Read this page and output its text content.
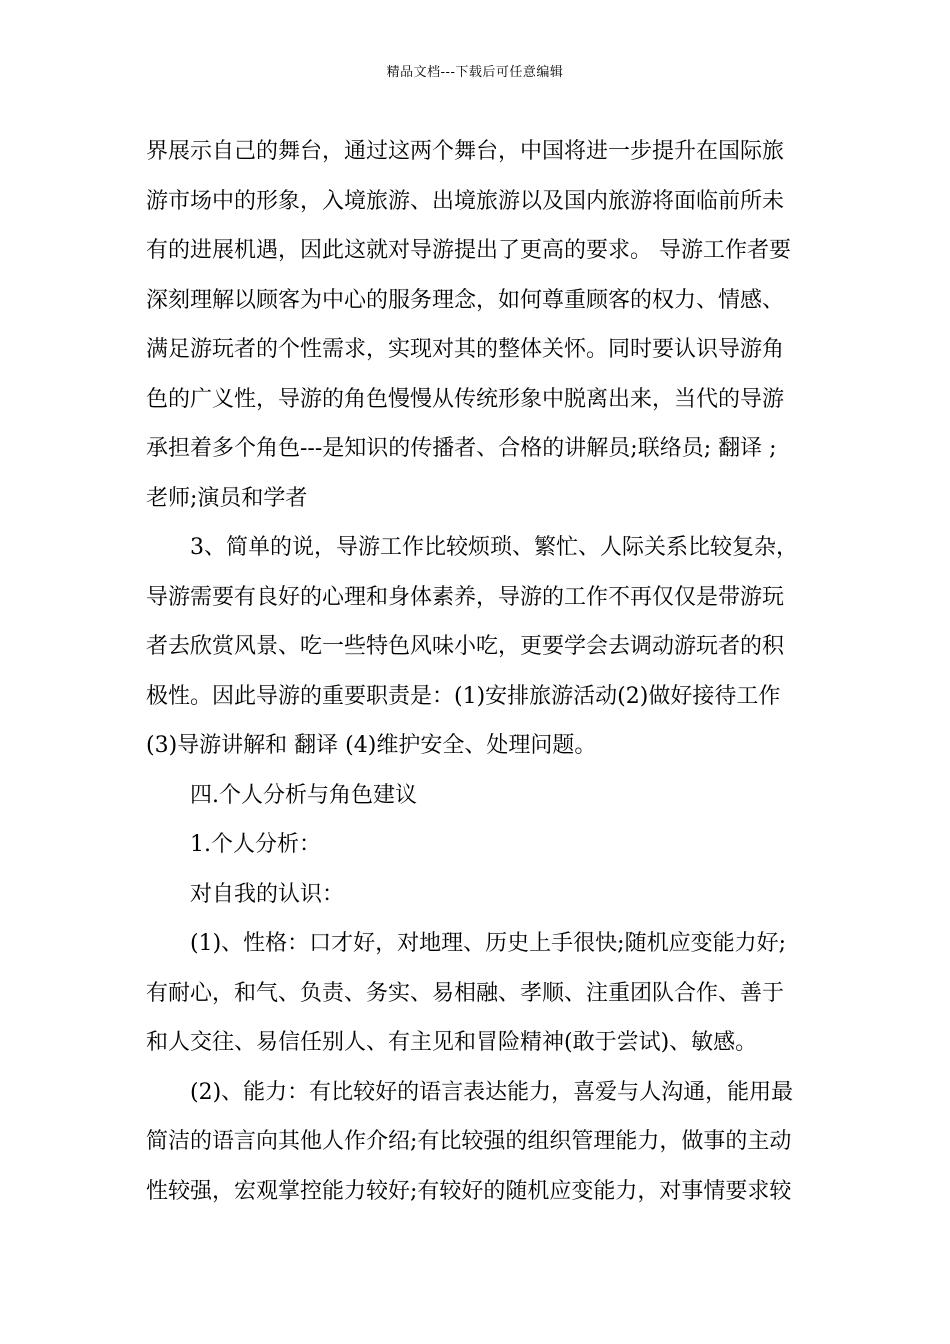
精品文档---下载后可任意编辑
界展示自己的舞台，通过这两个舞台，中国将进一步提升在国际旅
游市场中的形象，入境旅游、出境旅游以及国内旅游将面临前所未
有的进展机遇，因此这就对导游提出了更高的要求。 导游工作者要
深刻理解以顾客为中心的服务理念，如何尊重顾客的权力、情感、
满足游玩者的个性需求，实现对其的整体关怀。同时要认识导游角
色的广义性，导游的角色慢慢从传统形象中脱离出来，当代的导游
承担着多个角色---是知识的传播者、合格的讲解员;联络员; 翻译 ;
老师;演员和学者
3、简单的说，导游工作比较烦琐、繁忙、人际关系比较复杂，
导游需要有良好的心理和身体素养，导游的工作不再仅仅是带游玩
者去欣赏风景、吃一些特色风味小吃，更要学会去调动游玩者的积
极性。因此导游的重要职责是：(1)安排旅游活动(2)做好接待工作
(3)导游讲解和 翻译 (4)维护安全、处理问题。
四.个人分析与角色建议
1.个人分析：
对自我的认识：
(1)、性格：口才好，对地理、历史上手很快;随机应变能力好;
有耐心，和气、负责、务实、易相融、孝顺、注重团队合作、善于
和人交往、易信任别人、有主见和冒险精神(敢于尝试)、敏感。
(2)、能力：有比较好的语言表达能力，喜爱与人沟通，能用最
简洁的语言向其他人作介绍;有比较强的组织管理能力，做事的主动
性较强，宏观掌控能力较好;有较好的随机应变能力，对事情要求较
